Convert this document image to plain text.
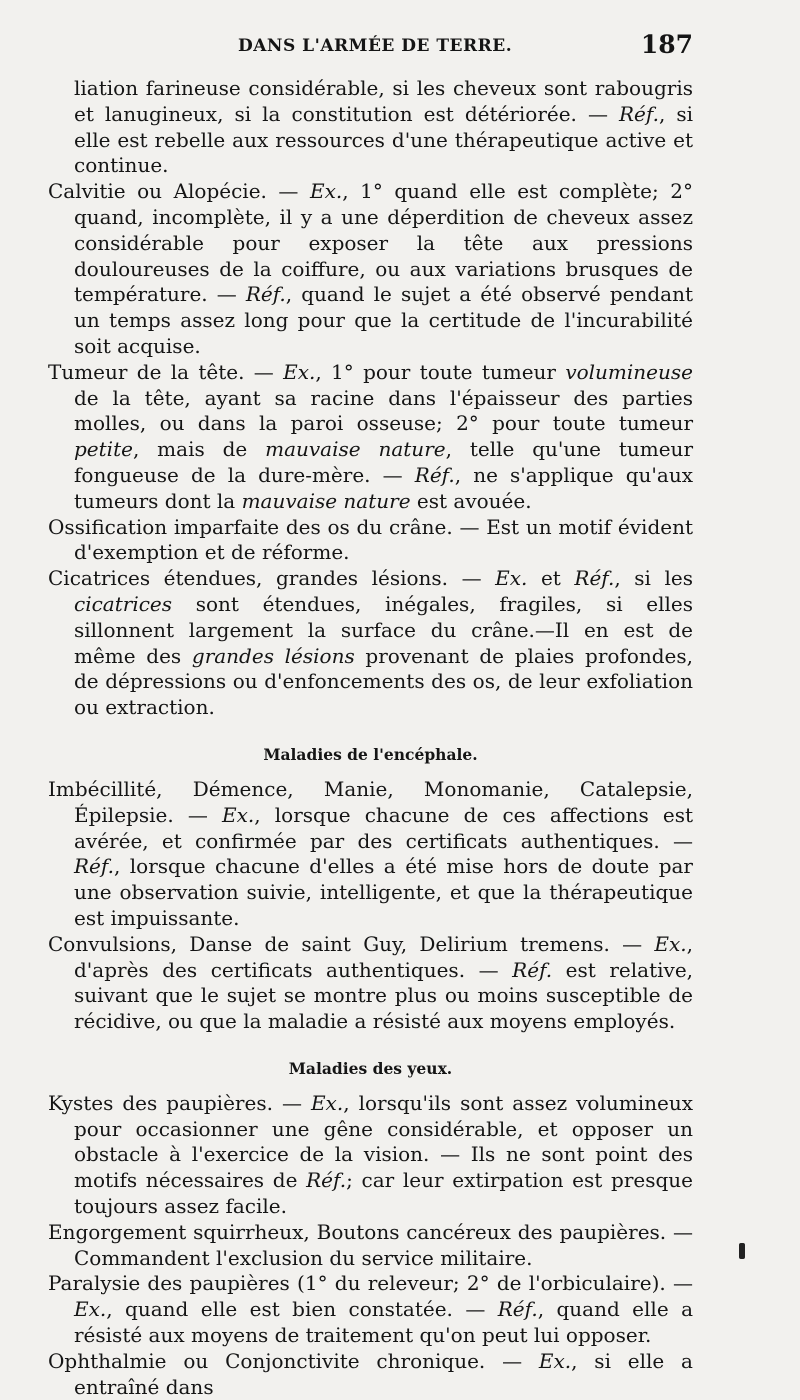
DANS L'ARMÉE DE TERRE.	187

liation farineuse considérable, si les cheveux sont rabougris et lanugineux, si la constitution est détériorée. — Réf., si elle est rebelle aux ressources d'une thérapeutique active et continue.

Calvitie ou Alopécie. — Ex., 1° quand elle est complète; 2° quand, incomplète, il y a une déperdition de cheveux assez considérable pour exposer la tête aux pressions douloureuses de la coiffure, ou aux variations brusques de température. — Réf., quand le sujet a été observé pendant un temps assez long pour que la certitude de l'incurabilité soit acquise.

Tumeur de la tête. — Ex., 1° pour toute tumeur volumineuse de la tête, ayant sa racine dans l'épaisseur des parties molles, ou dans la paroi osseuse; 2° pour toute tumeur petite, mais de mauvaise nature, telle qu'une tumeur fongueuse de la dure-mère. — Réf., ne s'applique qu'aux tumeurs dont la mauvaise nature est avouée.

Ossification imparfaite des os du crâne. — Est un motif évident d'exemption et de réforme.

Cicatrices étendues, grandes lésions. — Ex. et Réf., si les cicatrices sont étendues, inégales, fragiles, si elles sillonnent largement la surface du crâne.—Il en est de même des grandes lésions provenant de plaies profondes, de dépressions ou d'enfoncements des os, de leur exfoliation ou extraction.

Maladies de l'encéphale.

Imbécillité, Démence, Manie, Monomanie, Catalepsie, Épilepsie. — Ex., lorsque chacune de ces affections est avérée, et confirmée par des certificats authentiques. — Réf., lorsque chacune d'elles a été mise hors de doute par une observation suivie, intelligente, et que la thérapeutique est impuissante.

Convulsions, Danse de saint Guy, Delirium tremens. — Ex., d'après des certificats authentiques. — Réf. est relative, suivant que le sujet se montre plus ou moins susceptible de récidive, ou que la maladie a résisté aux moyens employés.

Maladies des yeux.

Kystes des paupières. — Ex., lorsqu'ils sont assez volumineux pour occasionner une gêne considérable, et opposer un obstacle à l'exercice de la vision. — Ils ne sont point des motifs nécessaires de Réf.; car leur extirpation est presque toujours assez facile.

Engorgement squirrheux, Boutons cancéreux des paupières. — Commandent l'exclusion du service militaire.

Paralysie des paupières (1° du releveur; 2° de l'orbiculaire). — Ex., quand elle est bien constatée. — Réf., quand elle a résisté aux moyens de traitement qu'on peut lui opposer.

Ophthalmie ou Conjonctivite chronique. — Ex., si elle a entraîné dans
